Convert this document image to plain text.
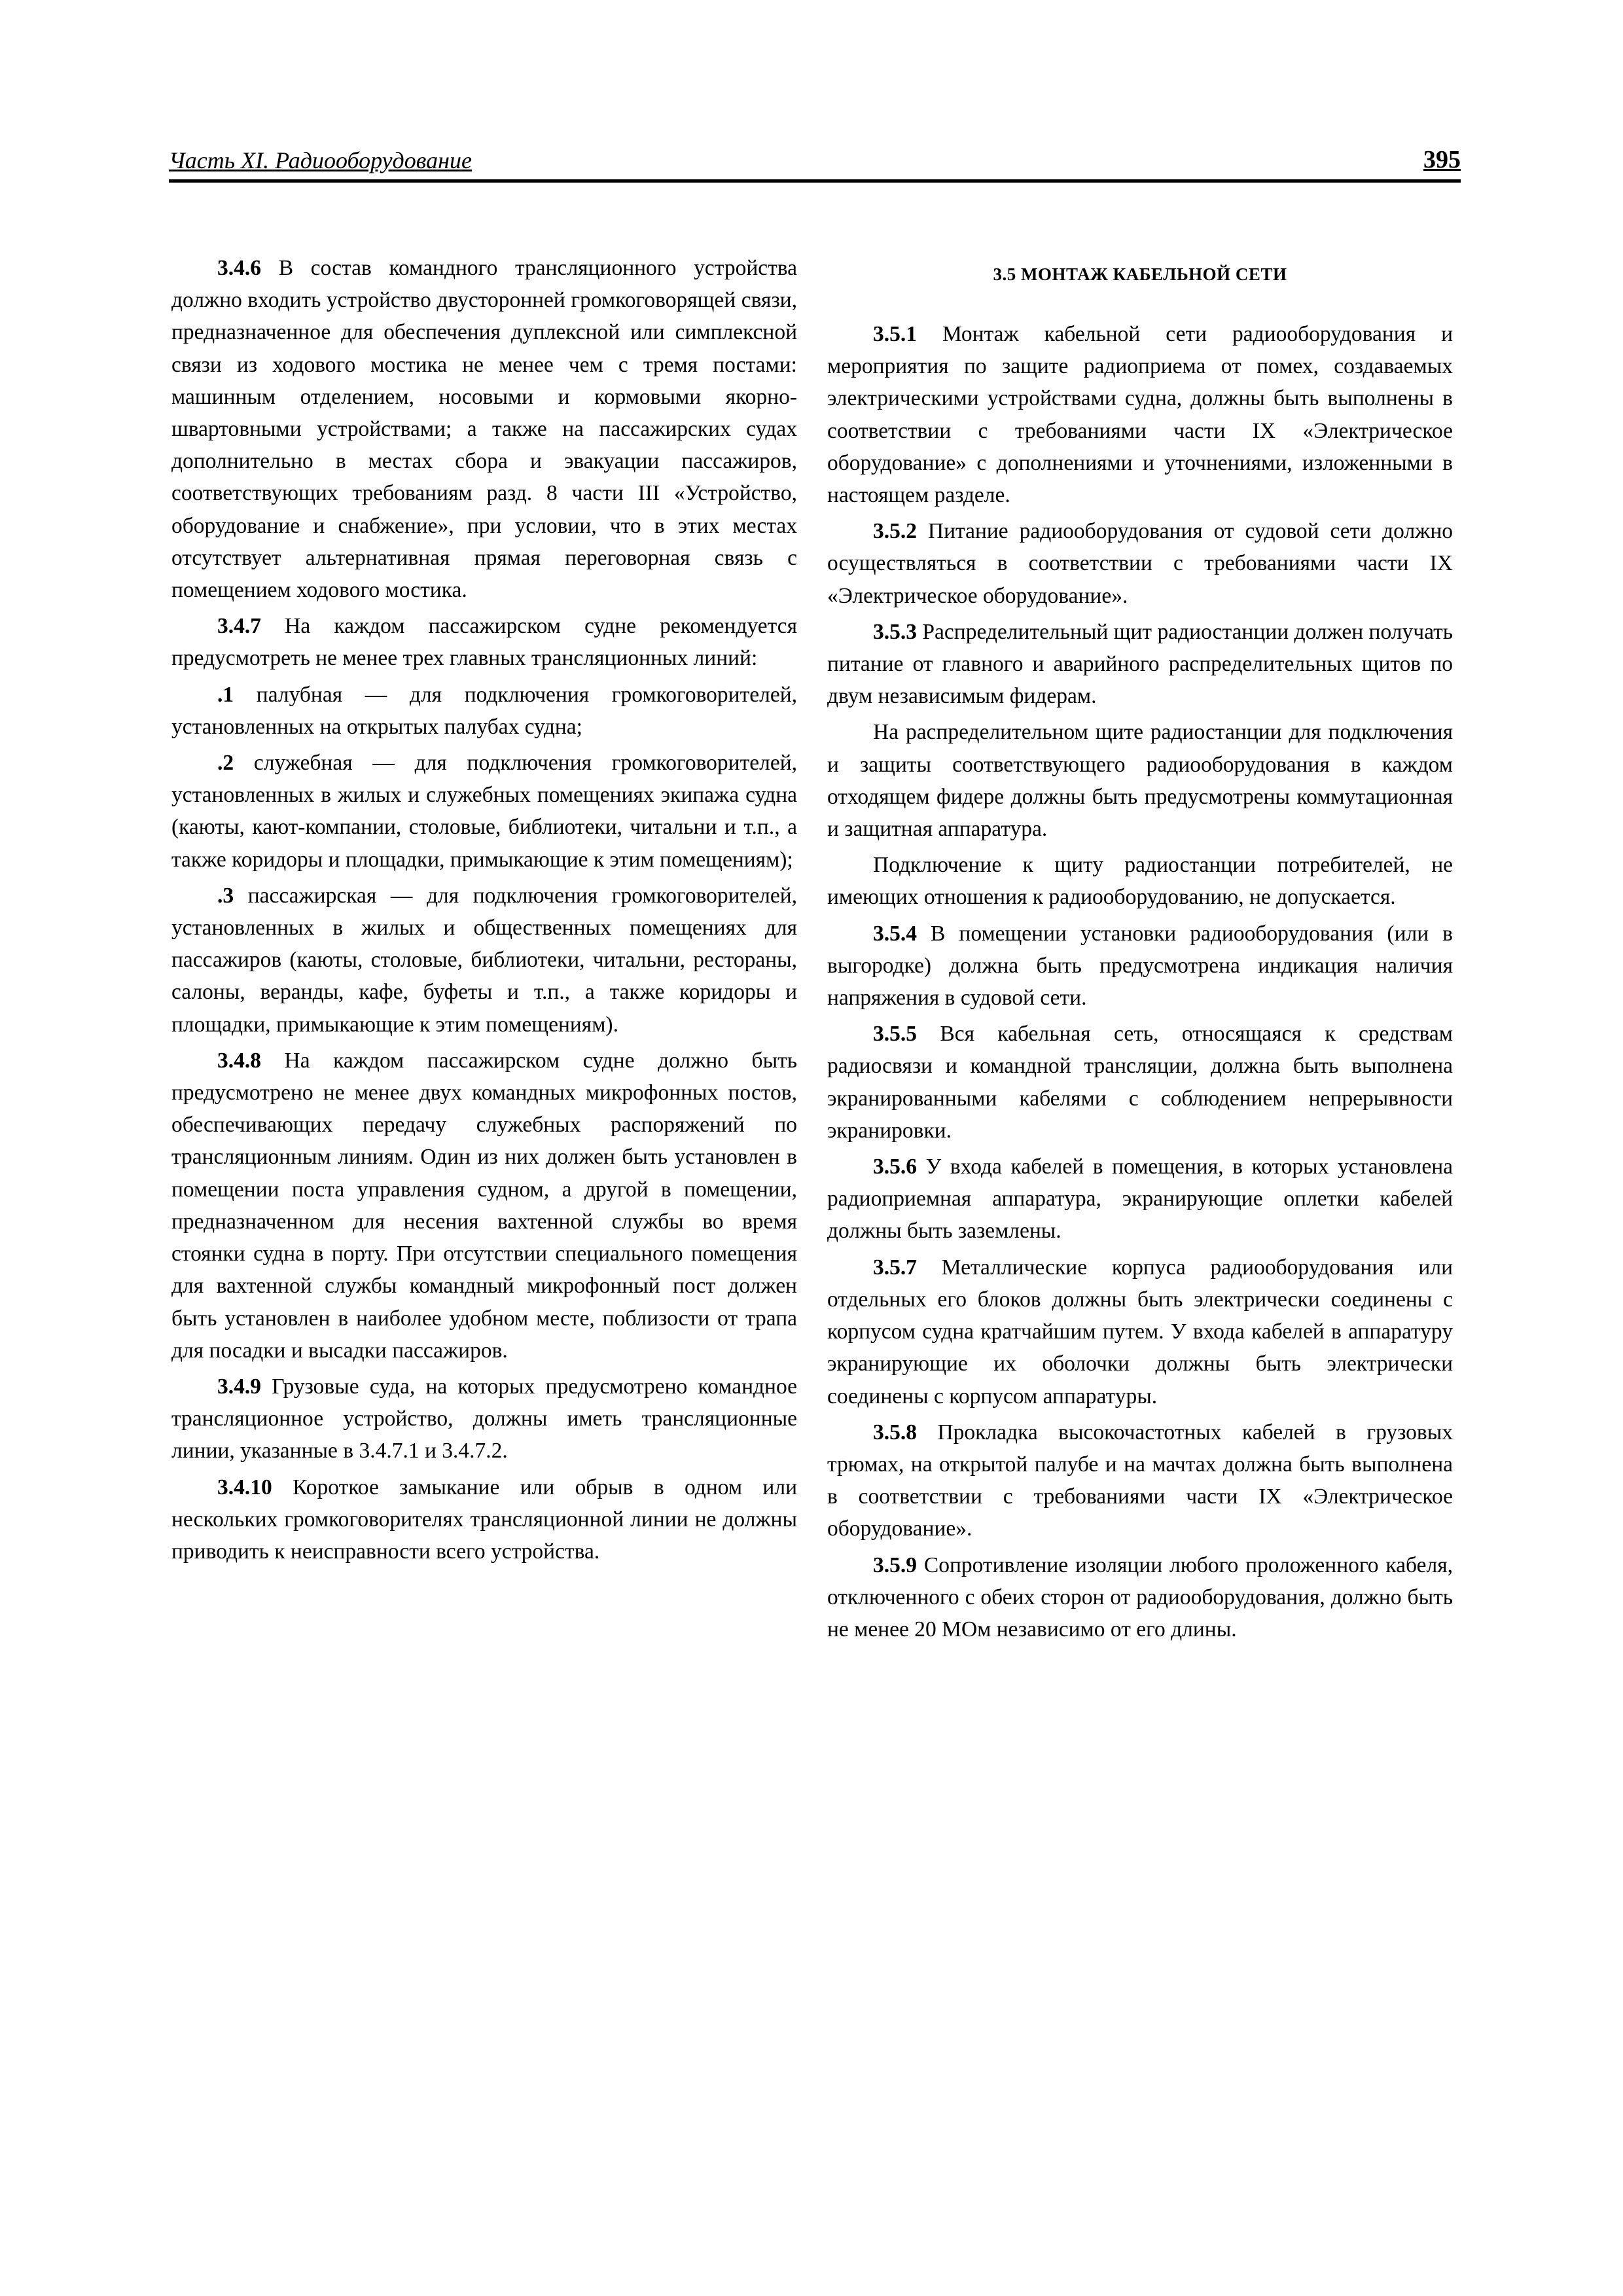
Часть XI. Радиооборудование	395

3.4.6 В состав командного трансляционного устройства должно входить устройство двусторонней громкоговорящей связи, предназначенное для обеспечения дуплексной или симплексной связи из ходового мостика не менее чем с тремя постами: машинным отделением, носовыми и кормовыми якорно-швартовными устройствами; а также на пассажирских судах дополнительно в местах сбора и эвакуации пассажиров, соответствующих требованиям разд. 8 части III «Устройство, оборудование и снабжение», при условии, что в этих местах отсутствует альтернативная прямая переговорная связь с помещением ходового мостика.

3.4.7 На каждом пассажирском судне рекомендуется предусмотреть не менее трех главных трансляционных линий:

.1 палубная — для подключения громкоговорителей, установленных на открытых палубах судна;

.2 служебная — для подключения громкоговорителей, установленных в жилых и служебных помещениях экипажа судна (каюты, кают-компании, столовые, библиотеки, читальни и т.п., а также коридоры и площадки, примыкающие к этим помещениям);

.3 пассажирская — для подключения громкоговорителей, установленных в жилых и общественных помещениях для пассажиров (каюты, столовые, библиотеки, читальни, рестораны, салоны, веранды, кафе, буфеты и т.п., а также коридоры и площадки, примыкающие к этим помещениям).

3.4.8 На каждом пассажирском судне должно быть предусмотрено не менее двух командных микрофонных постов, обеспечивающих передачу служебных распоряжений по трансляционным линиям. Один из них должен быть установлен в помещении поста управления судном, а другой в помещении, предназначенном для несения вахтенной службы во время стоянки судна в порту. При отсутствии специального помещения для вахтенной службы командный микрофонный пост должен быть установлен в наиболее удобном месте, поблизости от трапа для посадки и высадки пассажиров.

3.4.9 Грузовые суда, на которых предусмотрено командное трансляционное устройство, должны иметь трансляционные линии, указанные в 3.4.7.1 и 3.4.7.2.

3.4.10 Короткое замыкание или обрыв в одном или нескольких громкоговорителях трансляционной линии не должны приводить к неисправности всего устройства.

3.5 МОНТАЖ КАБЕЛЬНОЙ СЕТИ

3.5.1 Монтаж кабельной сети радиооборудования и мероприятия по защите радиоприема от помех, создаваемых электрическими устройствами судна, должны быть выполнены в соответствии с требованиями части IX «Электрическое оборудование» с дополнениями и уточнениями, изложенными в настоящем разделе.

3.5.2 Питание радиооборудования от судовой сети должно осуществляться в соответствии с требованиями части IX «Электрическое оборудование».

3.5.3 Распределительный щит радиостанции должен получать питание от главного и аварийного распределительных щитов по двум независимым фидерам.

На распределительном щите радиостанции для подключения и защиты соответствующего радиооборудования в каждом отходящем фидере должны быть предусмотрены коммутационная и защитная аппаратура.

Подключение к щиту радиостанции потребителей, не имеющих отношения к радиооборудованию, не допускается.

3.5.4 В помещении установки радиооборудования (или в выгородке) должна быть предусмотрена индикация наличия напряжения в судовой сети.

3.5.5 Вся кабельная сеть, относящаяся к средствам радиосвязи и командной трансляции, должна быть выполнена экранированными кабелями с соблюдением непрерывности экранировки.

3.5.6 У входа кабелей в помещения, в которых установлена радиоприемная аппаратура, экранирующие оплетки кабелей должны быть заземлены.

3.5.7 Металлические корпуса радиооборудования или отдельных его блоков должны быть электрически соединены с корпусом судна кратчайшим путем. У входа кабелей в аппаратуру экранирующие их оболочки должны быть электрически соединены с корпусом аппаратуры.

3.5.8 Прокладка высокочастотных кабелей в грузовых трюмах, на открытой палубе и на мачтах должна быть выполнена в соответствии с требованиями части IX «Электрическое оборудование».

3.5.9 Сопротивление изоляции любого проложенного кабеля, отключенного с обеих сторон от радиооборудования, должно быть не менее 20 МОм независимо от его длины.
